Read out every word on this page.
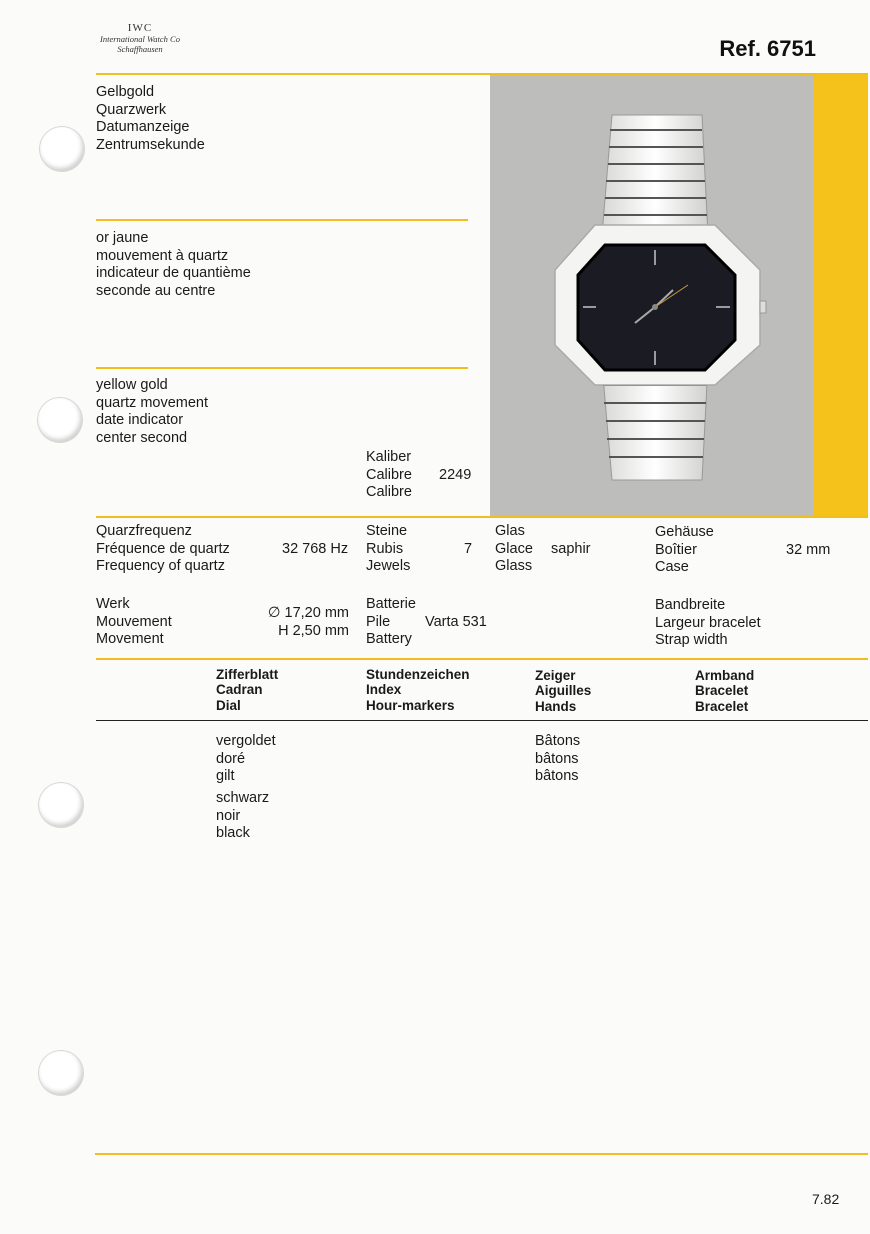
IWC
International Watch Co
Schaffhausen	Ref. 6751
Gelbgold
Quarzwerk
Datumanzeige
Zentrumsekunde
or jaune
mouvement à quartz
indicateur de quantième
seconde au centre
yellow gold
quartz movement
date indicator
center second
Kaliber
Calibre
Calibre
2249
Quarzfrequenz
Fréquence de quartz
Frequency of quartz
32 768 Hz
Steine
Rubis
Jewels
7
Glas
Glace
Glass
saphir
Gehäuse
Boîtier
Case
32 mm
Werk
Mouvement
Movement
∅ 17,20 mm
H 2,50 mm
Batterie
Pile
Battery
Varta 531
Bandbreite
Largeur bracelet
Strap width
Zifferblatt
Cadran
Dial
Stundenzeichen
Index
Hour-markers
Zeiger
Aiguilles
Hands
Armband
Bracelet
Bracelet
vergoldet
doré
gilt
schwarz
noir
black
Bâtons
bâtons
bâtons
7.82
